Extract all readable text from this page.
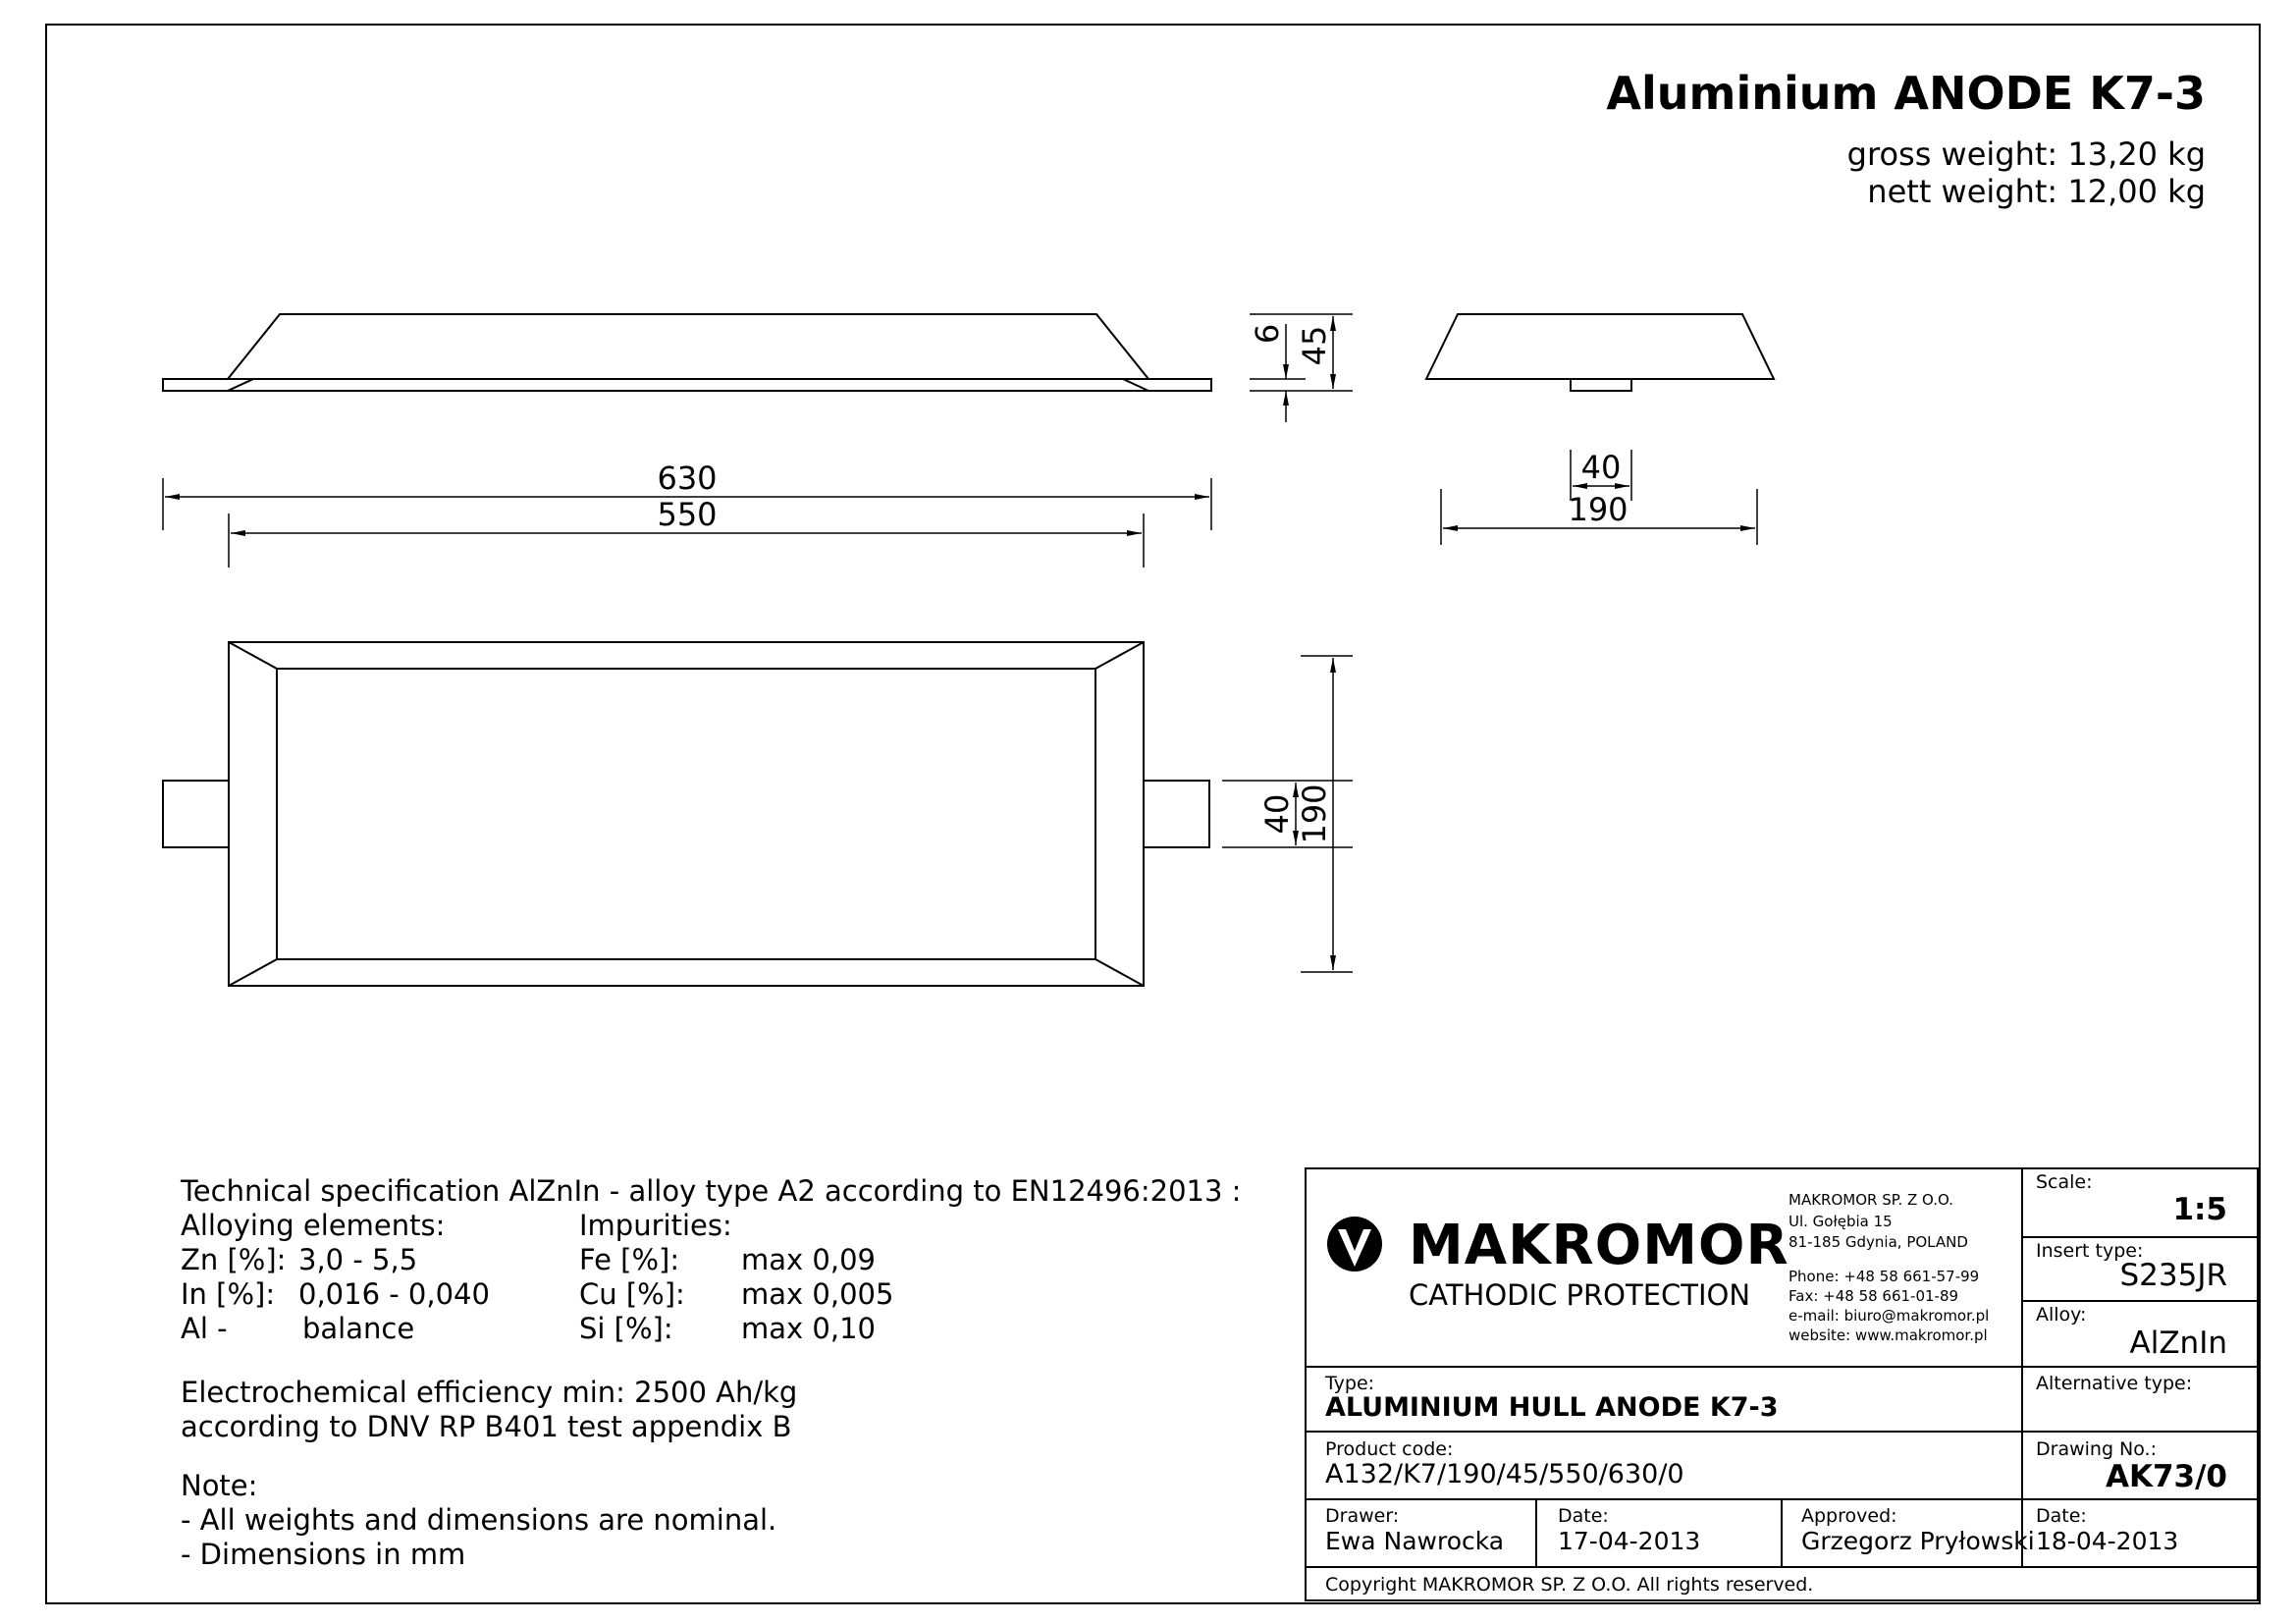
Aluminium ANODE K7-3
gross weight: 13,20 kg
nett weight: 12,00 kg
630
550
6 45
40
190
40 190
Technical specification AlZnIn - alloy type A2 according to EN12496:2013 :
Alloying elements:	Impurities:
Zn [%]: 3,0 - 5,5
In [%]: 0,016 - 0,040
Al -	balance
Fe [%]: max 0,09
Cu [%]: max 0,005
Si [%]: max 0,10
Electrochemical efficiency min: 2500 Ah/kg
according to DNV RP B401 test appendix B
Note:
- All weights and dimensions are nominal.
- Dimensions in mm
MAKROMOR
CATHODIC PROTECTION
MAKROMOR SP. Z O.O.
Ul. Gołębia 15
81-185 Gdynia, POLAND
Phone: +48 58 661-57-99
Fax: +48 58 661-01-89
e-mail: biuro@makromor.pl
website: www.makromor.pl
Scale:
1:5
Insert type:
S235JR
Alloy:
AlZnIn
Alternative type:
Type:
ALUMINIUM HULL ANODE K7-3
Product code:
A132/K7/190/45/550/630/0
Drawing No.:
AK73/0
Drawer:
Ewa Nawrocka
Date:
17-04-2013
Approved:
Grzegorz Pryłowski
Date:
18-04-2013
Copyright MAKROMOR SP. Z O.O. All rights reserved.
